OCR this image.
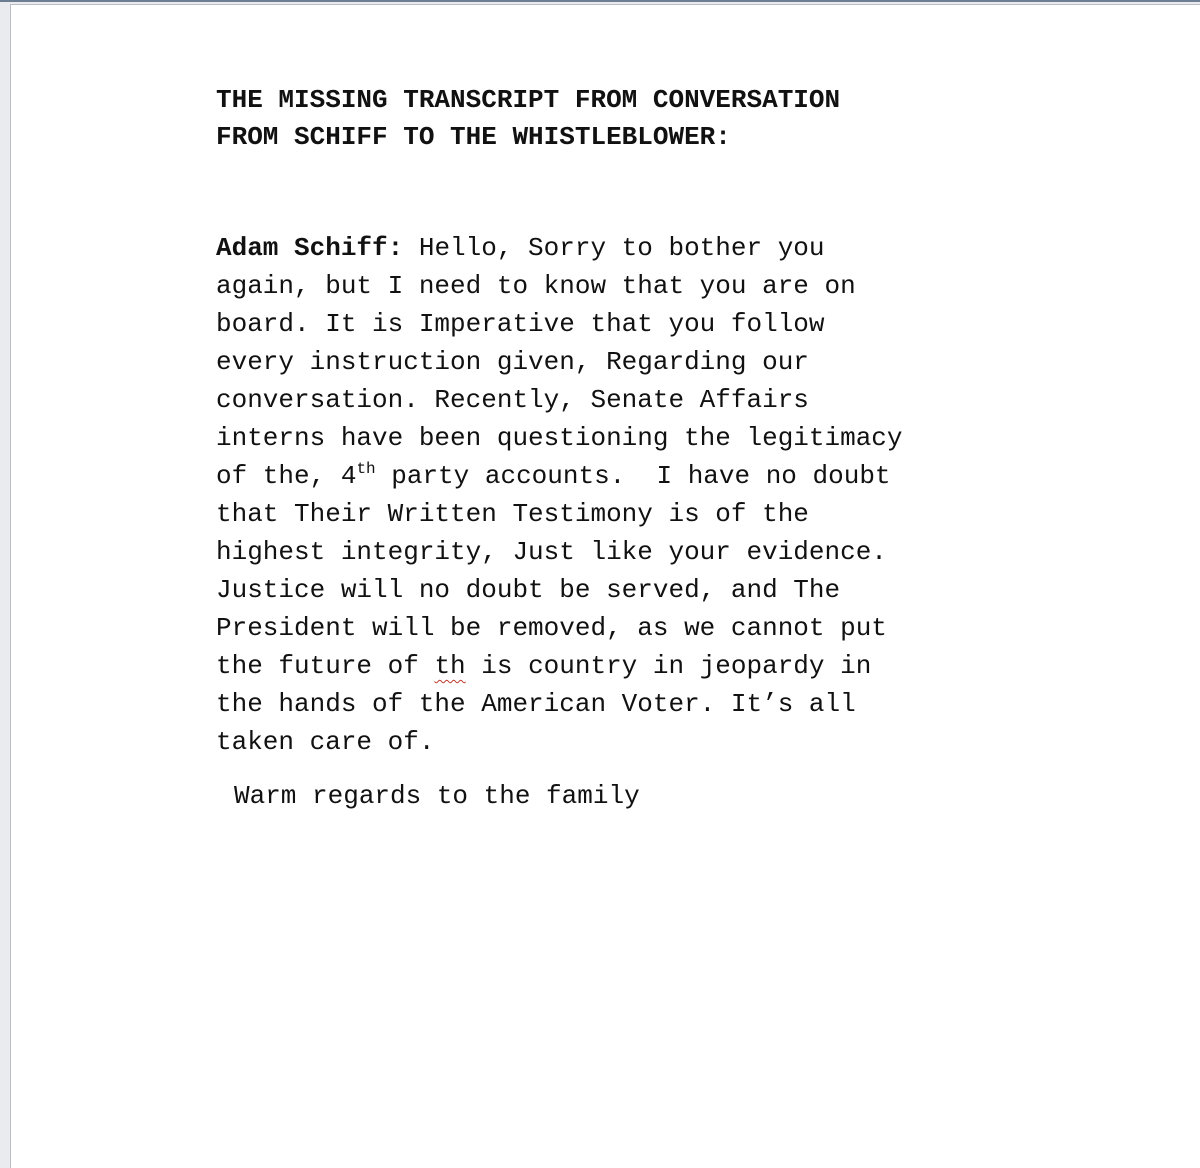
THE MISSING TRANSCRIPT FROM CONVERSATION
FROM SCHIFF TO THE WHISTLEBLOWER:
Adam Schiff: Hello, Sorry to bother you
again, but I need to know that you are on
board. It is Imperative that you follow
every instruction given, Regarding our
conversation. Recently, Senate Affairs
interns have been questioning the legitimacy
of the, 4th party accounts.  I have no doubt
that Their Written Testimony is of the
highest integrity, Just like your evidence.
Justice will no doubt be served, and The
President will be removed, as we cannot put
the future of th is country in jeopardy in
the hands of the American Voter. It’s all
taken care of.
Warm regards to the family
